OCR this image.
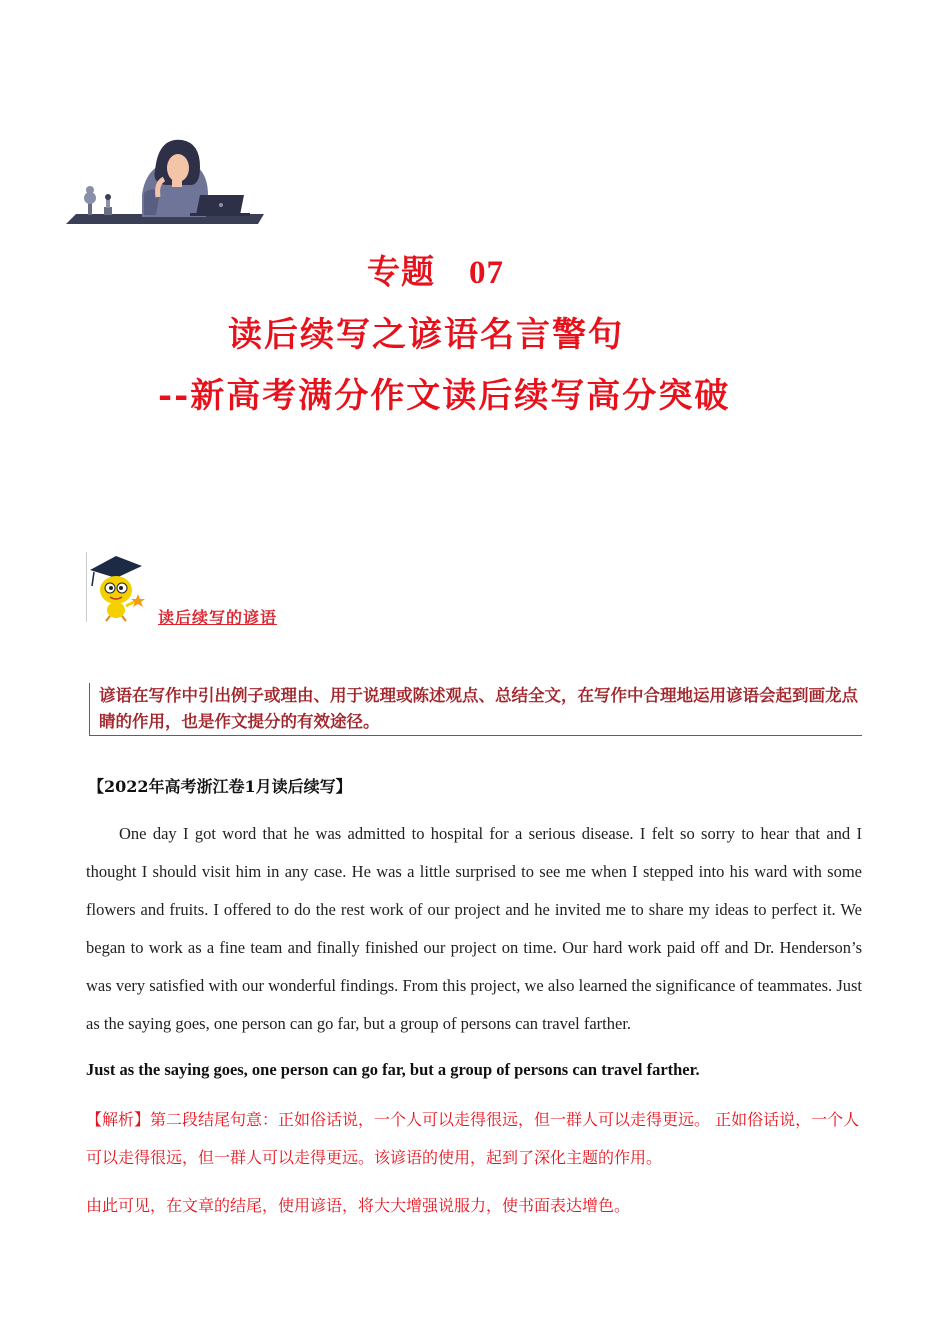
专题 07
读后续写之谚语名言警句
--新高考满分作文读后续写高分突破
读后续写的谚语

谚语在写作中引出例子或理由、用于说理或陈述观点、总结全文，在写作中合理地运用谚语会起到画龙点睛的作用，也是作文提分的有效途径。

【2022年高考浙江卷1月读后续写】

One day I got word that he was admitted to hospital for a serious disease. I felt so sorry to hear that and I thought I should visit him in any case. He was a little surprised to see me when I stepped into his ward with some flowers and fruits. I offered to do the rest work of our project and he invited me to share my ideas to perfect it. We began to work as a fine team and finally finished our project on time. Our hard work paid off and Dr. Henderson’s was very satisfied with our wonderful findings. From this project, we also learned the significance of teammates. Just as the saying goes, one person can go far, but a group of persons can travel farther.

Just as the saying goes, one person can go far, but a group of persons can travel farther.

【解析】第二段结尾句意：正如俗话说，一个人可以走得很远，但一群人可以走得更远。 正如俗话说，一个人可以走得很远，但一群人可以走得更远。该谚语的使用，起到了深化主题的作用。

由此可见，在文章的结尾，使用谚语，将大大增强说服力，使书面表达增色。
